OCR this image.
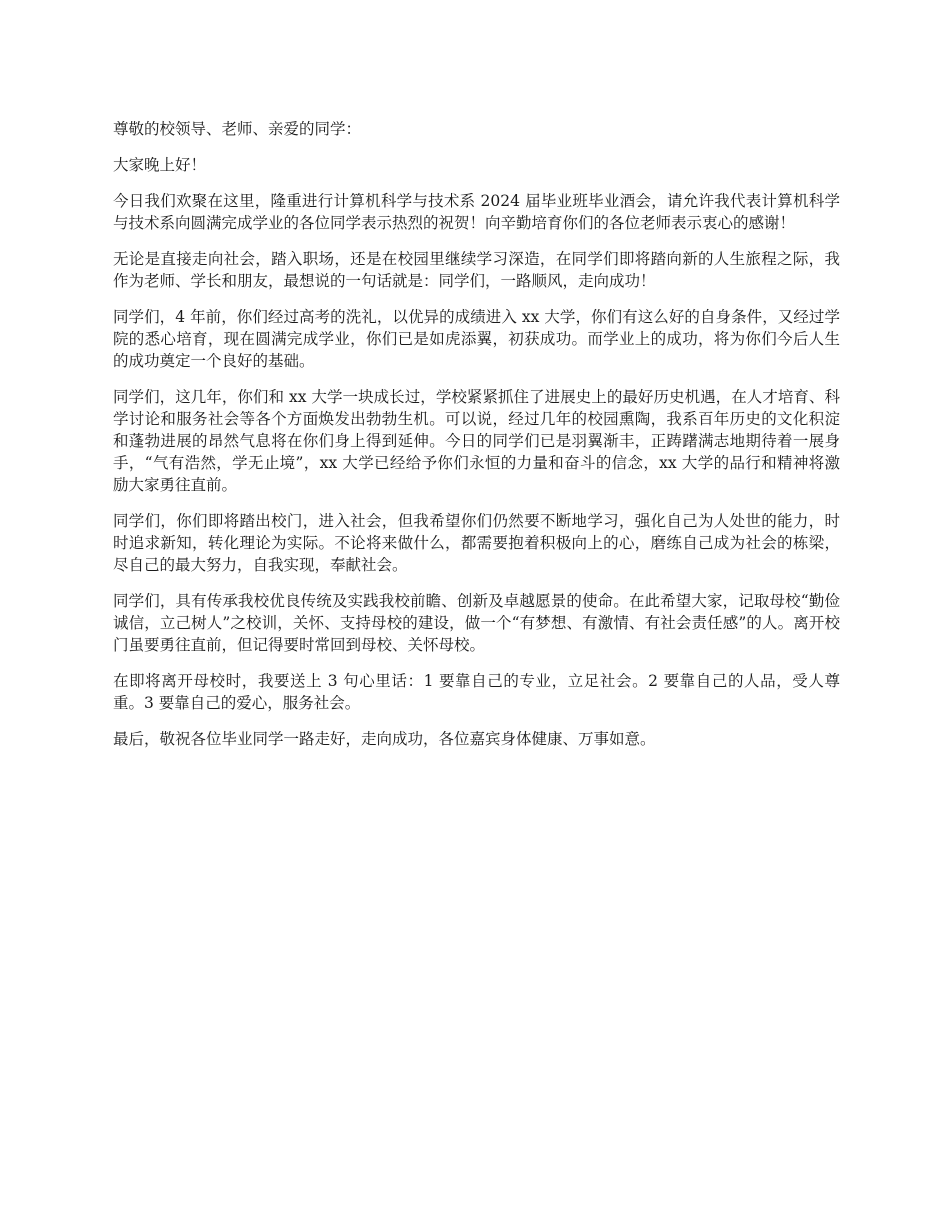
尊敬的校领导、老师、亲爱的同学：

大家晚上好！

今日我们欢聚在这里，隆重进行计算机科学与技术系 2024 届毕业班毕业酒会，请允许我代表计算机科学与技术系向圆满完成学业的各位同学表示热烈的祝贺！向辛勤培育你们的各位老师表示衷心的感谢！

无论是直接走向社会，踏入职场，还是在校园里继续学习深造，在同学们即将踏向新的人生旅程之际，我作为老师、学长和朋友，最想说的一句话就是：同学们，一路顺风，走向成功！

同学们，4 年前，你们经过高考的洗礼，以优异的成绩进入 xx 大学，你们有这么好的自身条件，又经过学院的悉心培育，现在圆满完成学业，你们已是如虎添翼，初获成功。而学业上的成功，将为你们今后人生的成功奠定一个良好的基础。

同学们，这几年，你们和 xx 大学一块成长过，学校紧紧抓住了进展史上的最好历史机遇，在人才培育、科学讨论和服务社会等各个方面焕发出勃勃生机。可以说，经过几年的校园熏陶，我系百年历史的文化积淀和蓬勃进展的昂然气息将在你们身上得到延伸。今日的同学们已是羽翼渐丰，正踌躇满志地期待着一展身手，“气有浩然，学无止境”，xx 大学已经给予你们永恒的力量和奋斗的信念，xx 大学的品行和精神将激励大家勇往直前。

同学们，你们即将踏出校门，进入社会，但我希望你们仍然要不断地学习，强化自己为人处世的能力，时时追求新知，转化理论为实际。不论将来做什么，都需要抱着积极向上的心，磨练自己成为社会的栋梁，尽自己的最大努力，自我实现，奉献社会。

同学们，具有传承我校优良传统及实践我校前瞻、创新及卓越愿景的使命。在此希望大家，记取母校“勤俭诚信，立己树人”之校训，关怀、支持母校的建设，做一个“有梦想、有激情、有社会责任感”的人。离开校门虽要勇往直前，但记得要时常回到母校、关怀母校。

在即将离开母校时，我要送上 3 句心里话：1 要靠自己的专业，立足社会。2 要靠自己的人品，受人尊重。3 要靠自己的爱心，服务社会。

最后，敬祝各位毕业同学一路走好，走向成功，各位嘉宾身体健康、万事如意。
